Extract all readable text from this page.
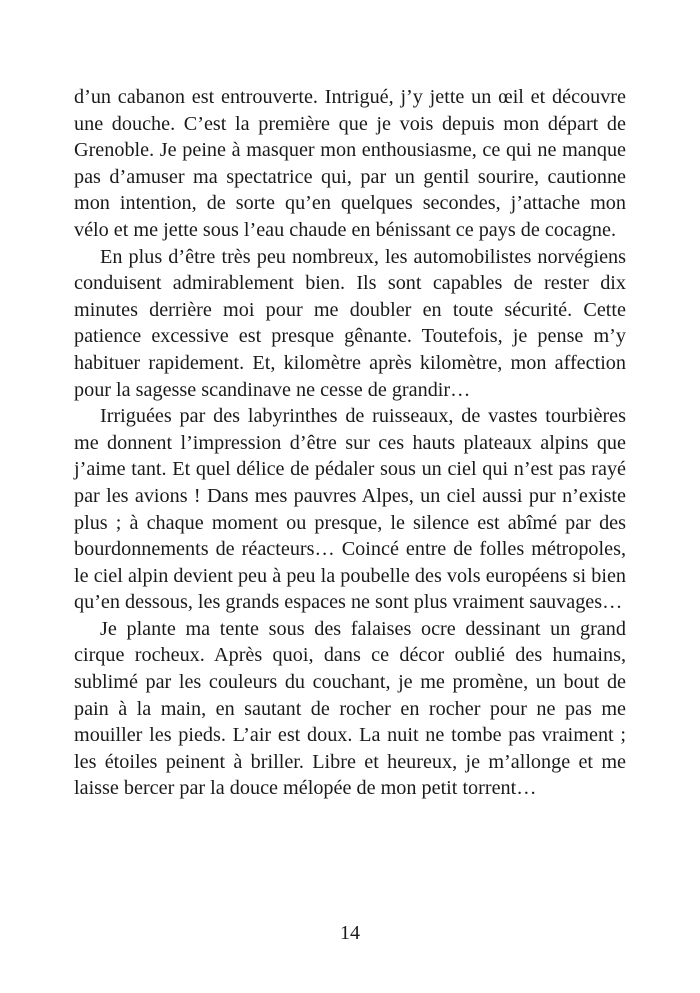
d’un cabanon est entrouverte. Intrigué, j’y jette un œil et découvre une douche. C’est la première que je vois depuis mon départ de Grenoble. Je peine à masquer mon enthousiasme, ce qui ne manque pas d’amuser ma spectatrice qui, par un gentil sourire, cautionne mon intention, de sorte qu’en quelques secondes, j’attache mon vélo et me jette sous l’eau chaude en bénissant ce pays de cocagne.

En plus d’être très peu nombreux, les automobilistes norvégiens conduisent admirablement bien. Ils sont capables de rester dix minutes derrière moi pour me doubler en toute sécurité. Cette patience excessive est presque gênante. Toutefois, je pense m’y habituer rapidement. Et, kilomètre après kilomètre, mon affection pour la sagesse scandinave ne cesse de grandir…

Irriguées par des labyrinthes de ruisseaux, de vastes tourbières me donnent l’impression d’être sur ces hauts plateaux alpins que j’aime tant. Et quel délice de pédaler sous un ciel qui n’est pas rayé par les avions ! Dans mes pauvres Alpes, un ciel aussi pur n’existe plus ; à chaque moment ou presque, le silence est abîmé par des bourdonnements de réacteurs… Coincé entre de folles métropoles, le ciel alpin devient peu à peu la poubelle des vols européens si bien qu’en dessous, les grands espaces ne sont plus vraiment sauvages…

Je plante ma tente sous des falaises ocre dessinant un grand cirque rocheux. Après quoi, dans ce décor oublié des humains, sublimé par les couleurs du couchant, je me promène, un bout de pain à la main, en sautant de rocher en rocher pour ne pas me mouiller les pieds. L’air est doux. La nuit ne tombe pas vraiment ; les étoiles peinent à briller. Libre et heureux, je m’allonge et me laisse bercer par la douce mélopée de mon petit torrent…

14
